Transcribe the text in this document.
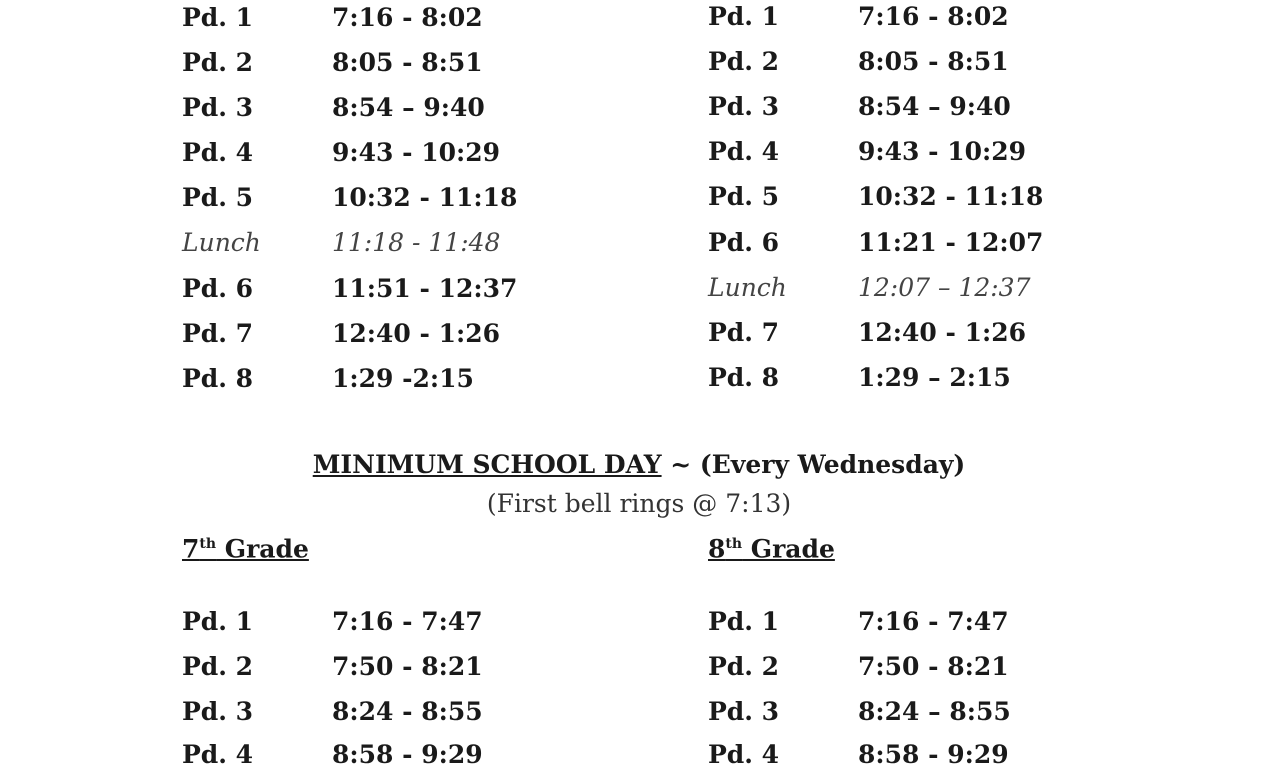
Pd. 1	7:16 - 8:02
Pd. 2	8:05 - 8:51
Pd. 3	8:54 – 9:40
Pd. 4	9:43 - 10:29
Pd. 5	10:32 - 11:18
Lunch	11:18 - 11:48
Pd. 6	11:51 - 12:37
Pd. 7	12:40 - 1:26
Pd. 8	1:29 -2:15
Pd. 1	7:16 - 8:02
Pd. 2	8:05 - 8:51
Pd. 3	8:54 – 9:40
Pd. 4	9:43 - 10:29
Pd. 5	10:32 - 11:18
Pd. 6	11:21 - 12:07
Lunch	12:07 – 12:37
Pd. 7	12:40 - 1:26
Pd. 8	1:29 – 2:15
MINIMUM SCHOOL DAY ~ (Every Wednesday)
(First bell rings @ 7:13)
7th Grade	8th Grade
Pd. 1	7:16 - 7:47
Pd. 2	7:50 - 8:21
Pd. 3	8:24 - 8:55
Pd. 4	8:58 - 9:29
Pd. 1	7:16 - 7:47
Pd. 2	7:50 - 8:21
Pd. 3	8:24 – 8:55
Pd. 4	8:58 - 9:29
